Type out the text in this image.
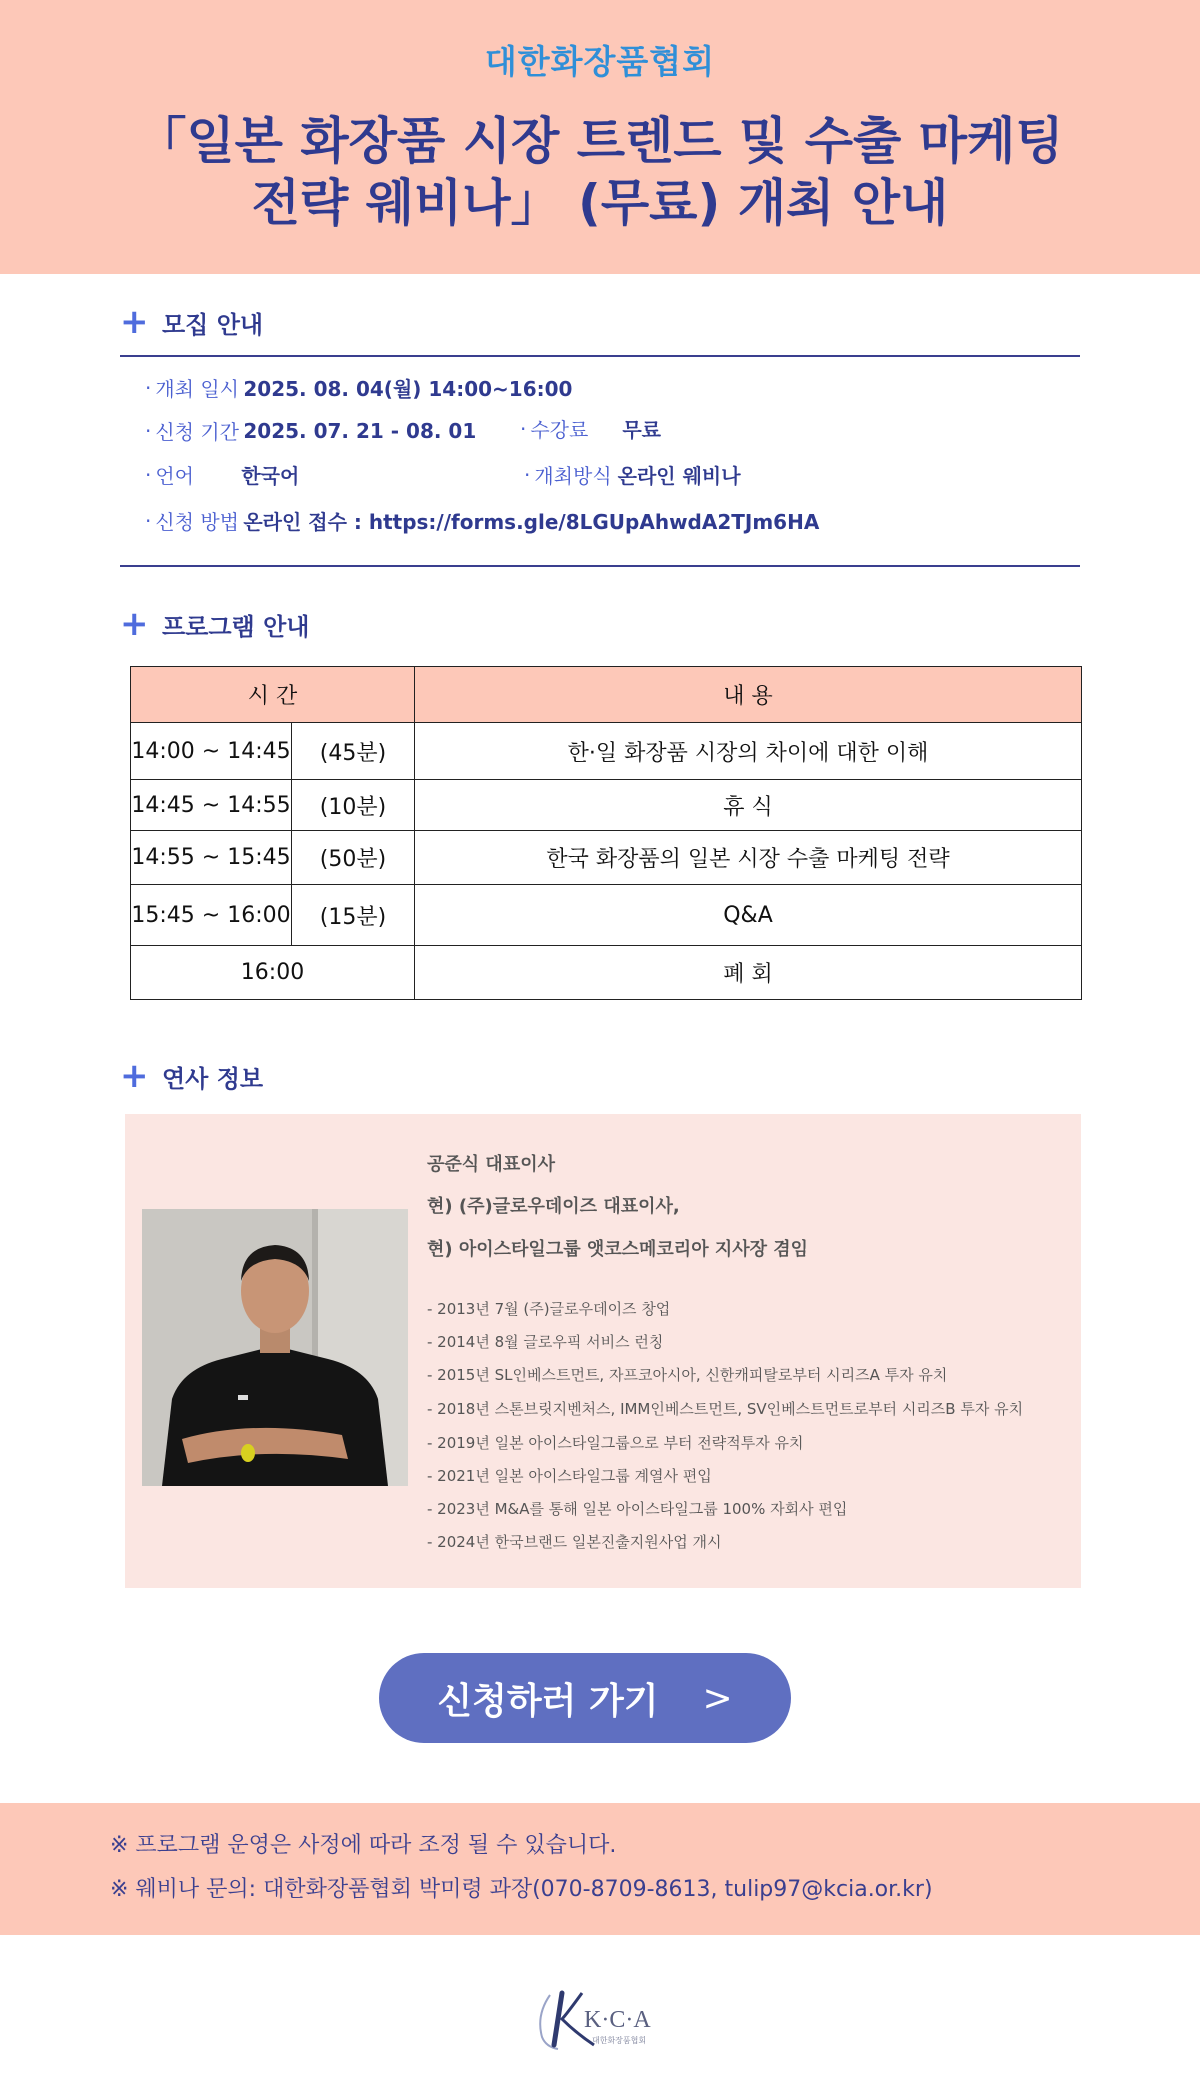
대한화장품협회
「일본 화장품 시장 트렌드 및 수출 마케팅
전략 웨비나」 (무료) 개최 안내
+ 모집 안내
· 개최 일시 2025. 08. 04(월) 14:00~16:00
· 신청 기간 2025. 07. 21 - 08. 01 · 수강료	무료
· 언어	한국어	· 개최방식 온라인 웨비나
· 신청 방법 온라인 접수 : https://forms.gle/8LGUpAhwdA2TJm6HA
+ 프로그램 안내
시 간		내 용
14:00 ~ 14:45	(45분)	한·일 화장품 시장의 차이에 대한 이해
14:45 ~ 14:55	(10분)	휴 식
14:55 ~ 15:45	(50분)	한국 화장품의 일본 시장 수출 마케팅 전략
15:45 ~ 16:00	(15분)	Q&A
16:00		폐 회
+ 연사 정보
공준식 대표이사
현) (주)글로우데이즈 대표이사,
현) 아이스타일그룹 앳코스메코리아 지사장 겸임
- 2013년 7월 (주)글로우데이즈 창업
- 2014년 8월 글로우픽 서비스 런칭
- 2015년 SL인베스트먼트, 자프코아시아, 신한캐피탈로부터 시리즈A 투자 유치
- 2018년 스톤브릿지벤처스, IMM인베스트먼트, SV인베스트먼트로부터 시리즈B 투자 유치
- 2019년 일본 아이스타일그룹으로 부터 전략적투자 유치
- 2021년 일본 아이스타일그룹 계열사 편입
- 2023년 M&A를 통해 일본 아이스타일그룹 100% 자회사 편입
- 2024년 한국브랜드 일본진출지원사업 개시
신청하러 가기 >
※ 프로그램 운영은 사정에 따라 조정 될 수 있습니다.
※ 웨비나 문의: 대한화장품협회 박미령 과장(070-8709-8613, tulip97@kcia.or.kr)
K·C·A
대한화장품협회
